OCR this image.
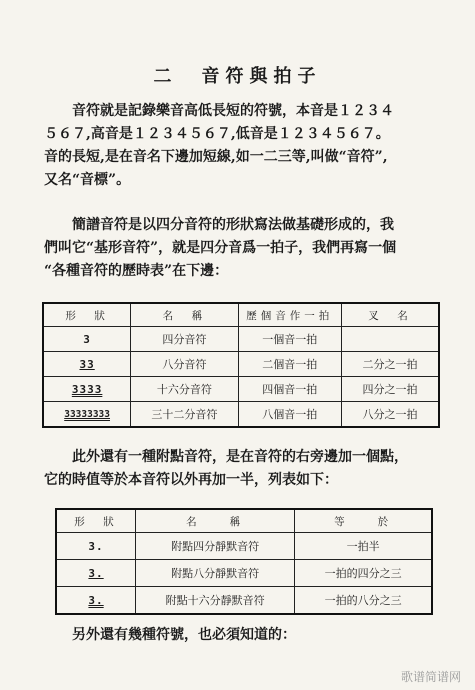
二　音符與拍子
音符就是記錄樂音高低長短的符號，本音是１２３４
５６７,高音是１２３４５６７,低音是１２３４５６７。
音的長短,是在音名下邊加短線,如一二三等,叫做“音符”,
又名“音標”。
簡譜音符是以四分音符的形狀寫法做基礎形成的，我
們叫它“基形音符”，就是四分音爲一拍子，我們再寫一個
“各種音符的歷時表”在下邊：
形　狀	名　稱	歷個音作一拍	叉　名
3	四分音符	一個音一拍	
33	八分音符	二個音一拍	二分之一拍
3333	十六分音符	四個音一拍	四分之一拍
33333333	三十二分音符	八個音一拍	八分之一拍
此外還有一種附點音符，是在音符的右旁邊加一個點，
它的時值等於本音符以外再加一半，列表如下：
形　狀	名　　稱	等　　於
3.	附點四分靜默音符	一拍半
3.	附點八分靜默音符	一拍的四分之三
3.	附點十六分靜默音符	一拍的八分之三
另外還有幾種符號，也必須知道的：
歌谱简谱网
